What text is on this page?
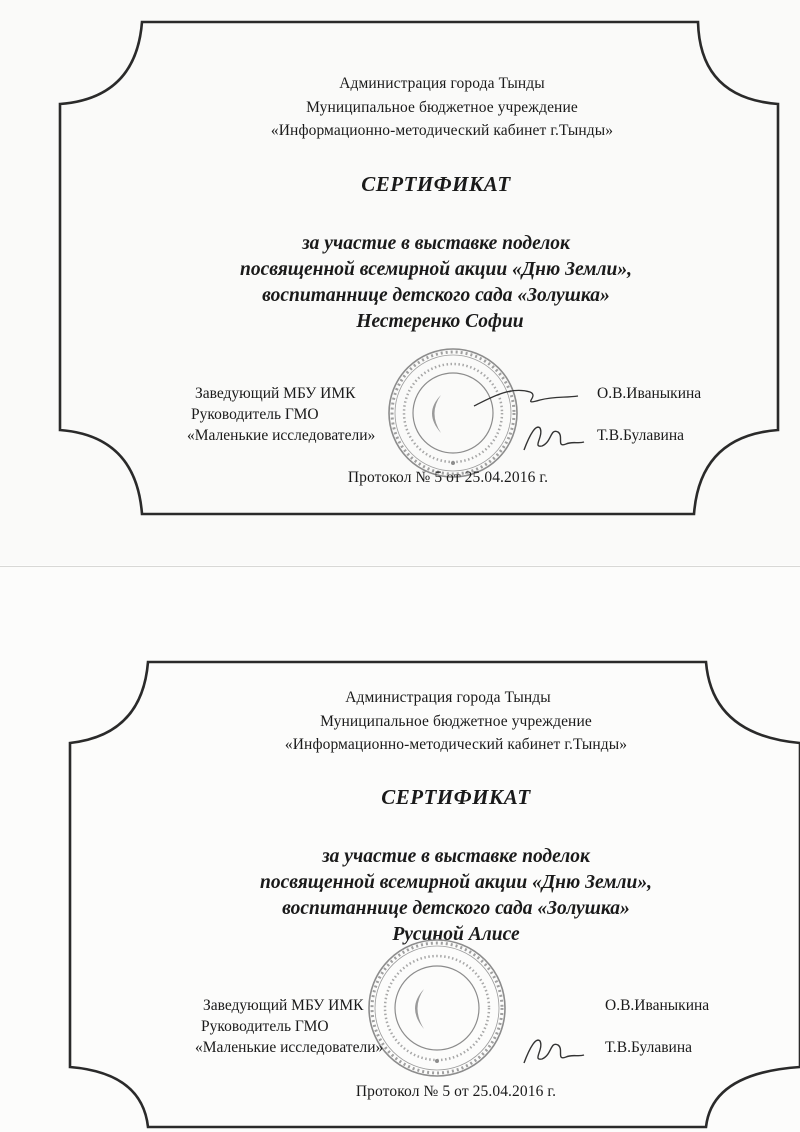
Администрация города Тынды
Муниципальное бюджетное учреждение
«Информационно-методический кабинет г.Тынды»
СЕРТИФИКАТ
за участие в выставке поделок
посвященной всемирной акции «Дню Земли»,
воспитаннице детского сада «Золушка»
Нестеренко Софии
Заведующий МБУ ИМК	О.В.Иваныкина
Руководитель ГМО
«Маленькие исследователи»	Т.В.Булавина
Протокол № 5 от 25.04.2016 г.
Администрация города Тынды
Муниципальное бюджетное учреждение
«Информационно-методический кабинет г.Тынды»
СЕРТИФИКАТ
за участие в выставке поделок
посвященной всемирной акции «Дню Земли»,
воспитаннице детского сада «Золушка»
Русиной Алисе
Заведующий МБУ ИМК	О.В.Иваныкина
Руководитель ГМО
«Маленькие исследователи»	Т.В.Булавина
Протокол № 5 от 25.04.2016 г.
